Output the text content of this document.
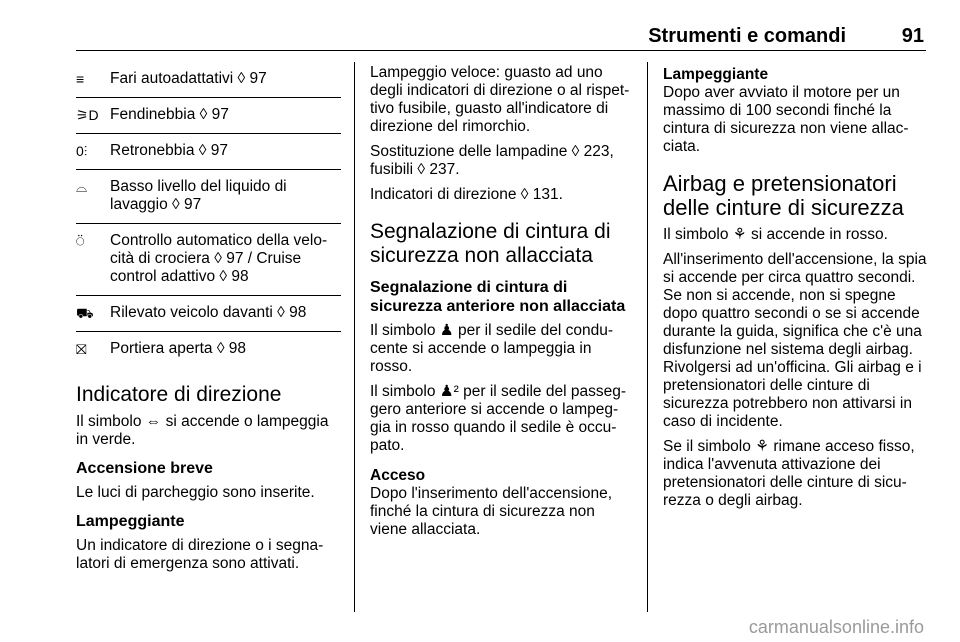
Strumenti e comandi	91
≡	Fari autoadattativi ◊ 97
⚞D Fendinebbia ◊ 97
0⫶	Retronebbia ◊ 97
⌓	Basso livello del liquido di
lavaggio ◊ 97
⍥	Controllo automatico della velo-
cità di crociera ◊ 97 / Cruise
control adattivo ◊ 98
⛟	Rilevato veicolo davanti ◊ 98
⛝	Portiera aperta ◊ 98
Indicatore di direzione

Il simbolo ⇔ si accende o lampeggia in verde.

Accensione breve

Le luci di parcheggio sono inserite.

Lampeggiante

Un indicatore di direzione o i segna-latori di emergenza sono attivati.

Lampeggio veloce: guasto ad uno degli indicatori di direzione o al rispet-tivo fusibile, guasto all'indicatore di direzione del rimorchio.

Sostituzione delle lampadine ◊ 223, fusibili ◊ 237.

Indicatori di direzione ◊ 131.

Segnalazione di cintura di sicurezza non allacciata
Segnalazione di cintura di sicurezza anteriore non allacciata

Il simbolo ♟ per il sedile del condu-cente si accende o lampeggia in rosso.

Il simbolo ♟² per il sedile del passeg-gero anteriore si accende o lampeg-gia in rosso quando il sedile è occu-pato.

Acceso

Dopo l'inserimento dell'accensione, finché la cintura di sicurezza non viene allacciata.

Lampeggiante

Dopo aver avviato il motore per un massimo di 100 secondi finché la cintura di sicurezza non viene allac-ciata.

Airbag e pretensionatori delle cinture di sicurezza

Il simbolo ⚘ si accende in rosso.

All'inserimento dell'accensione, la spia si accende per circa quattro secondi. Se non si accende, non si spegne dopo quattro secondi o se si accende durante la guida, significa che c'è una disfunzione nel sistema degli airbag. Rivolgersi ad un'officina. Gli airbag e i pretensionatori delle cinture di sicurezza potrebbero non attivarsi in caso di incidente.

Se il simbolo ⚘ rimane acceso fisso, indica l'avvenuta attivazione dei pretensionatori delle cinture di sicu-rezza o degli airbag.

carmanualsonline.info
